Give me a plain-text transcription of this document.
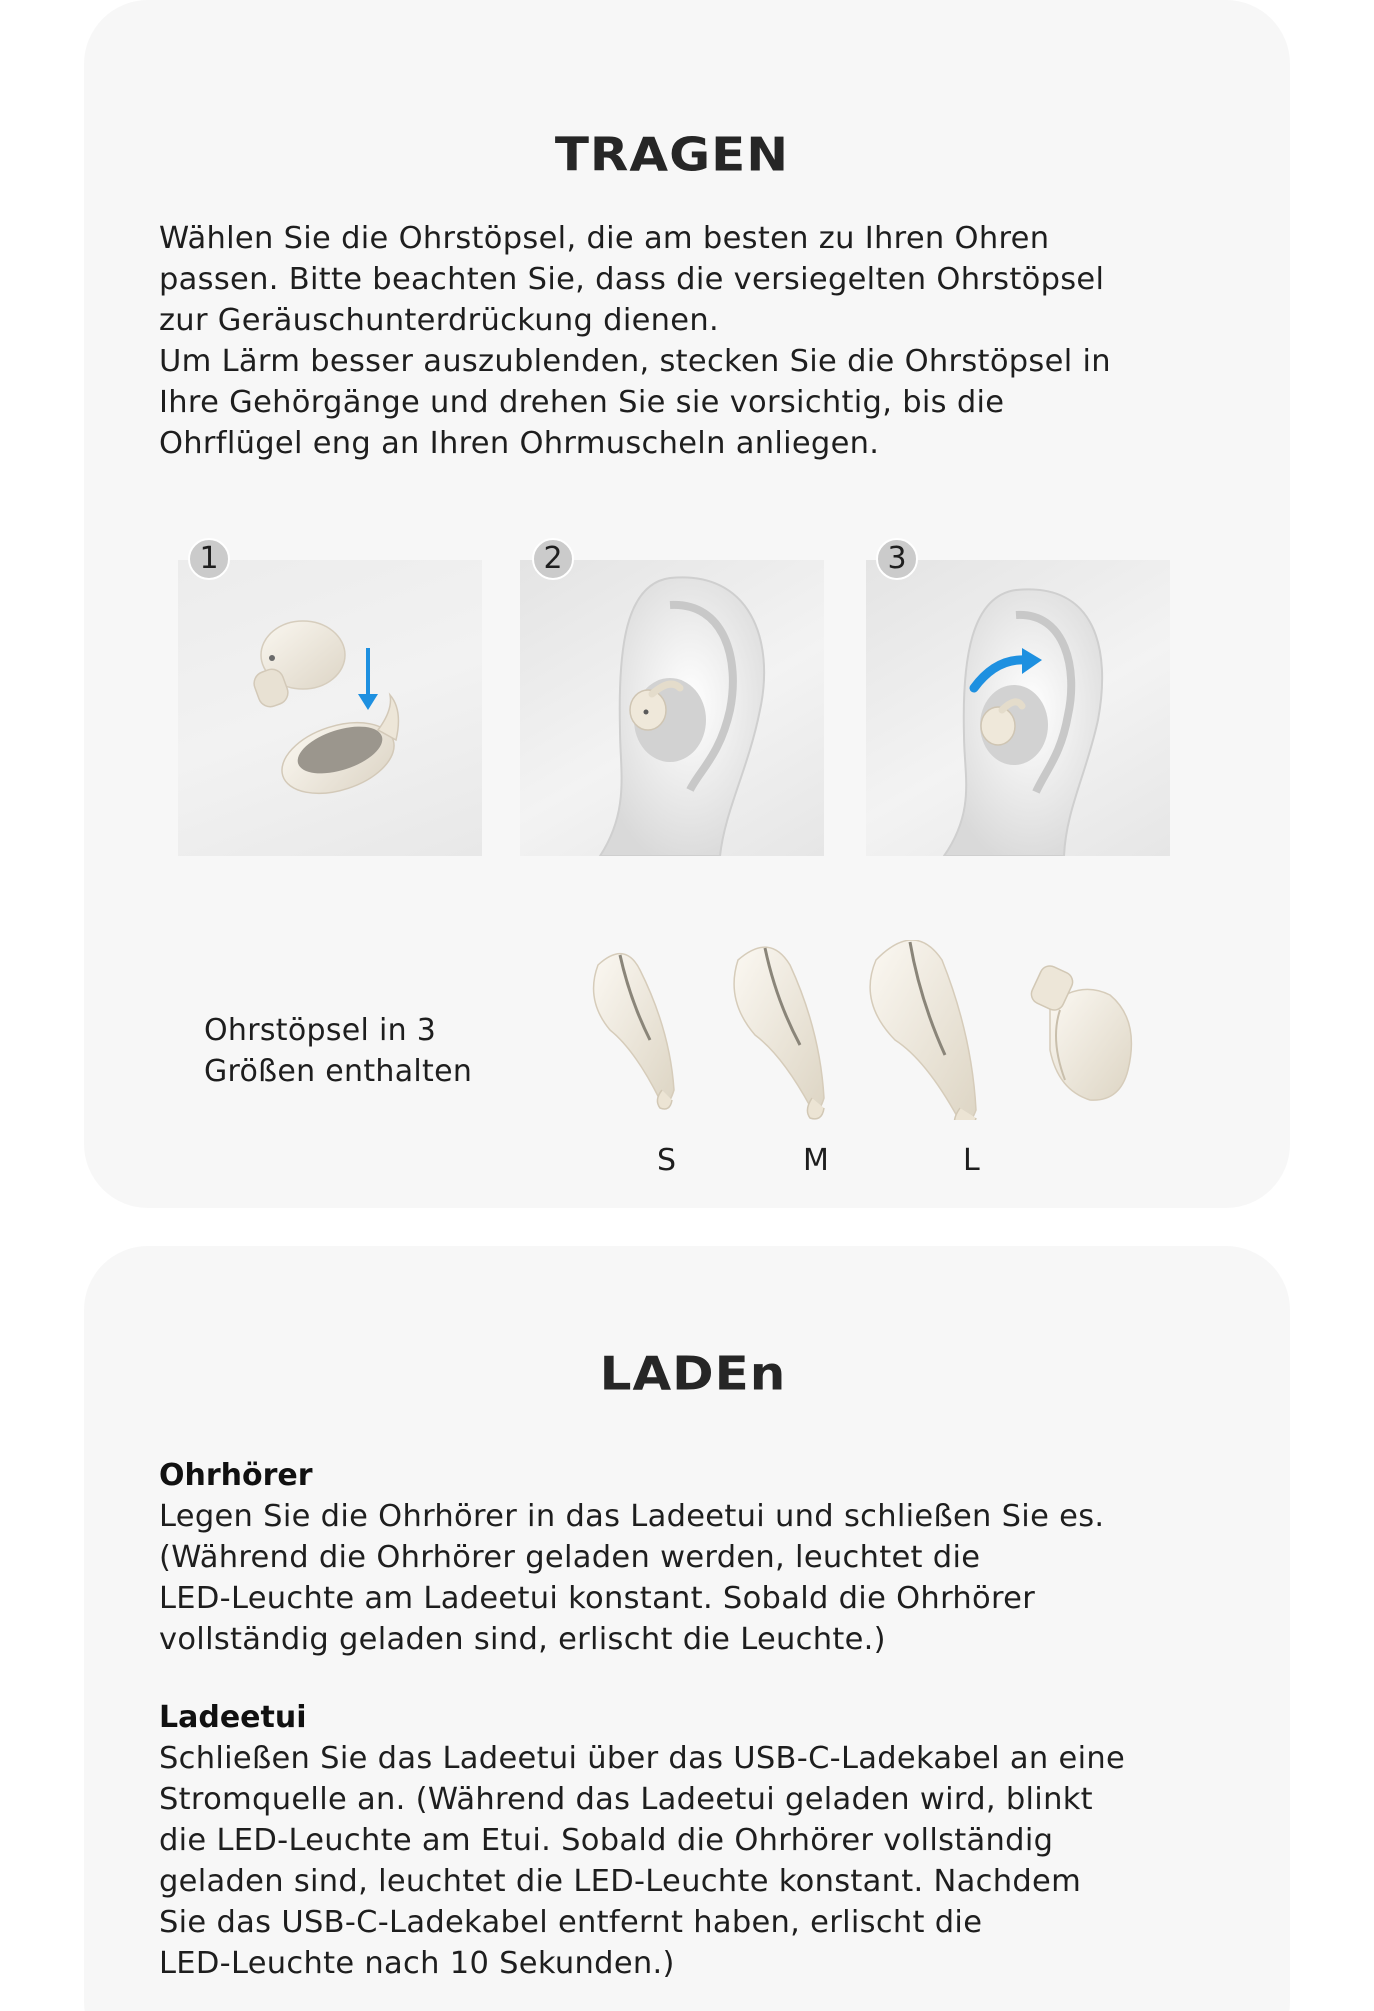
TRAGEN
Wählen Sie die Ohrstöpsel, die am besten zu Ihren Ohren
passen. Bitte beachten Sie, dass die versiegelten Ohrstöpsel
zur Geräuschunterdrückung dienen.
Um Lärm besser auszublenden, stecken Sie die Ohrstöpsel in
Ihre Gehörgänge und drehen Sie sie vorsichtig, bis die
Ohrflügel eng an Ihren Ohrmuscheln anliegen.
1	2	3
Ohrstöpsel in 3
Größen enthalten
S	M	L
LADEn
Ohrhörer
Legen Sie die Ohrhörer in das Ladeetui und schließen Sie es.
(Während die Ohrhörer geladen werden, leuchtet die
LED-Leuchte am Ladeetui konstant. Sobald die Ohrhörer
vollständig geladen sind, erlischt die Leuchte.)
Ladeetui
Schließen Sie das Ladeetui über das USB-C-Ladekabel an eine
Stromquelle an. (Während das Ladeetui geladen wird, blinkt
die LED-Leuchte am Etui. Sobald die Ohrhörer vollständig
geladen sind, leuchtet die LED-Leuchte konstant. Nachdem
Sie das USB-C-Ladekabel entfernt haben, erlischt die
LED-Leuchte nach 10 Sekunden.)
